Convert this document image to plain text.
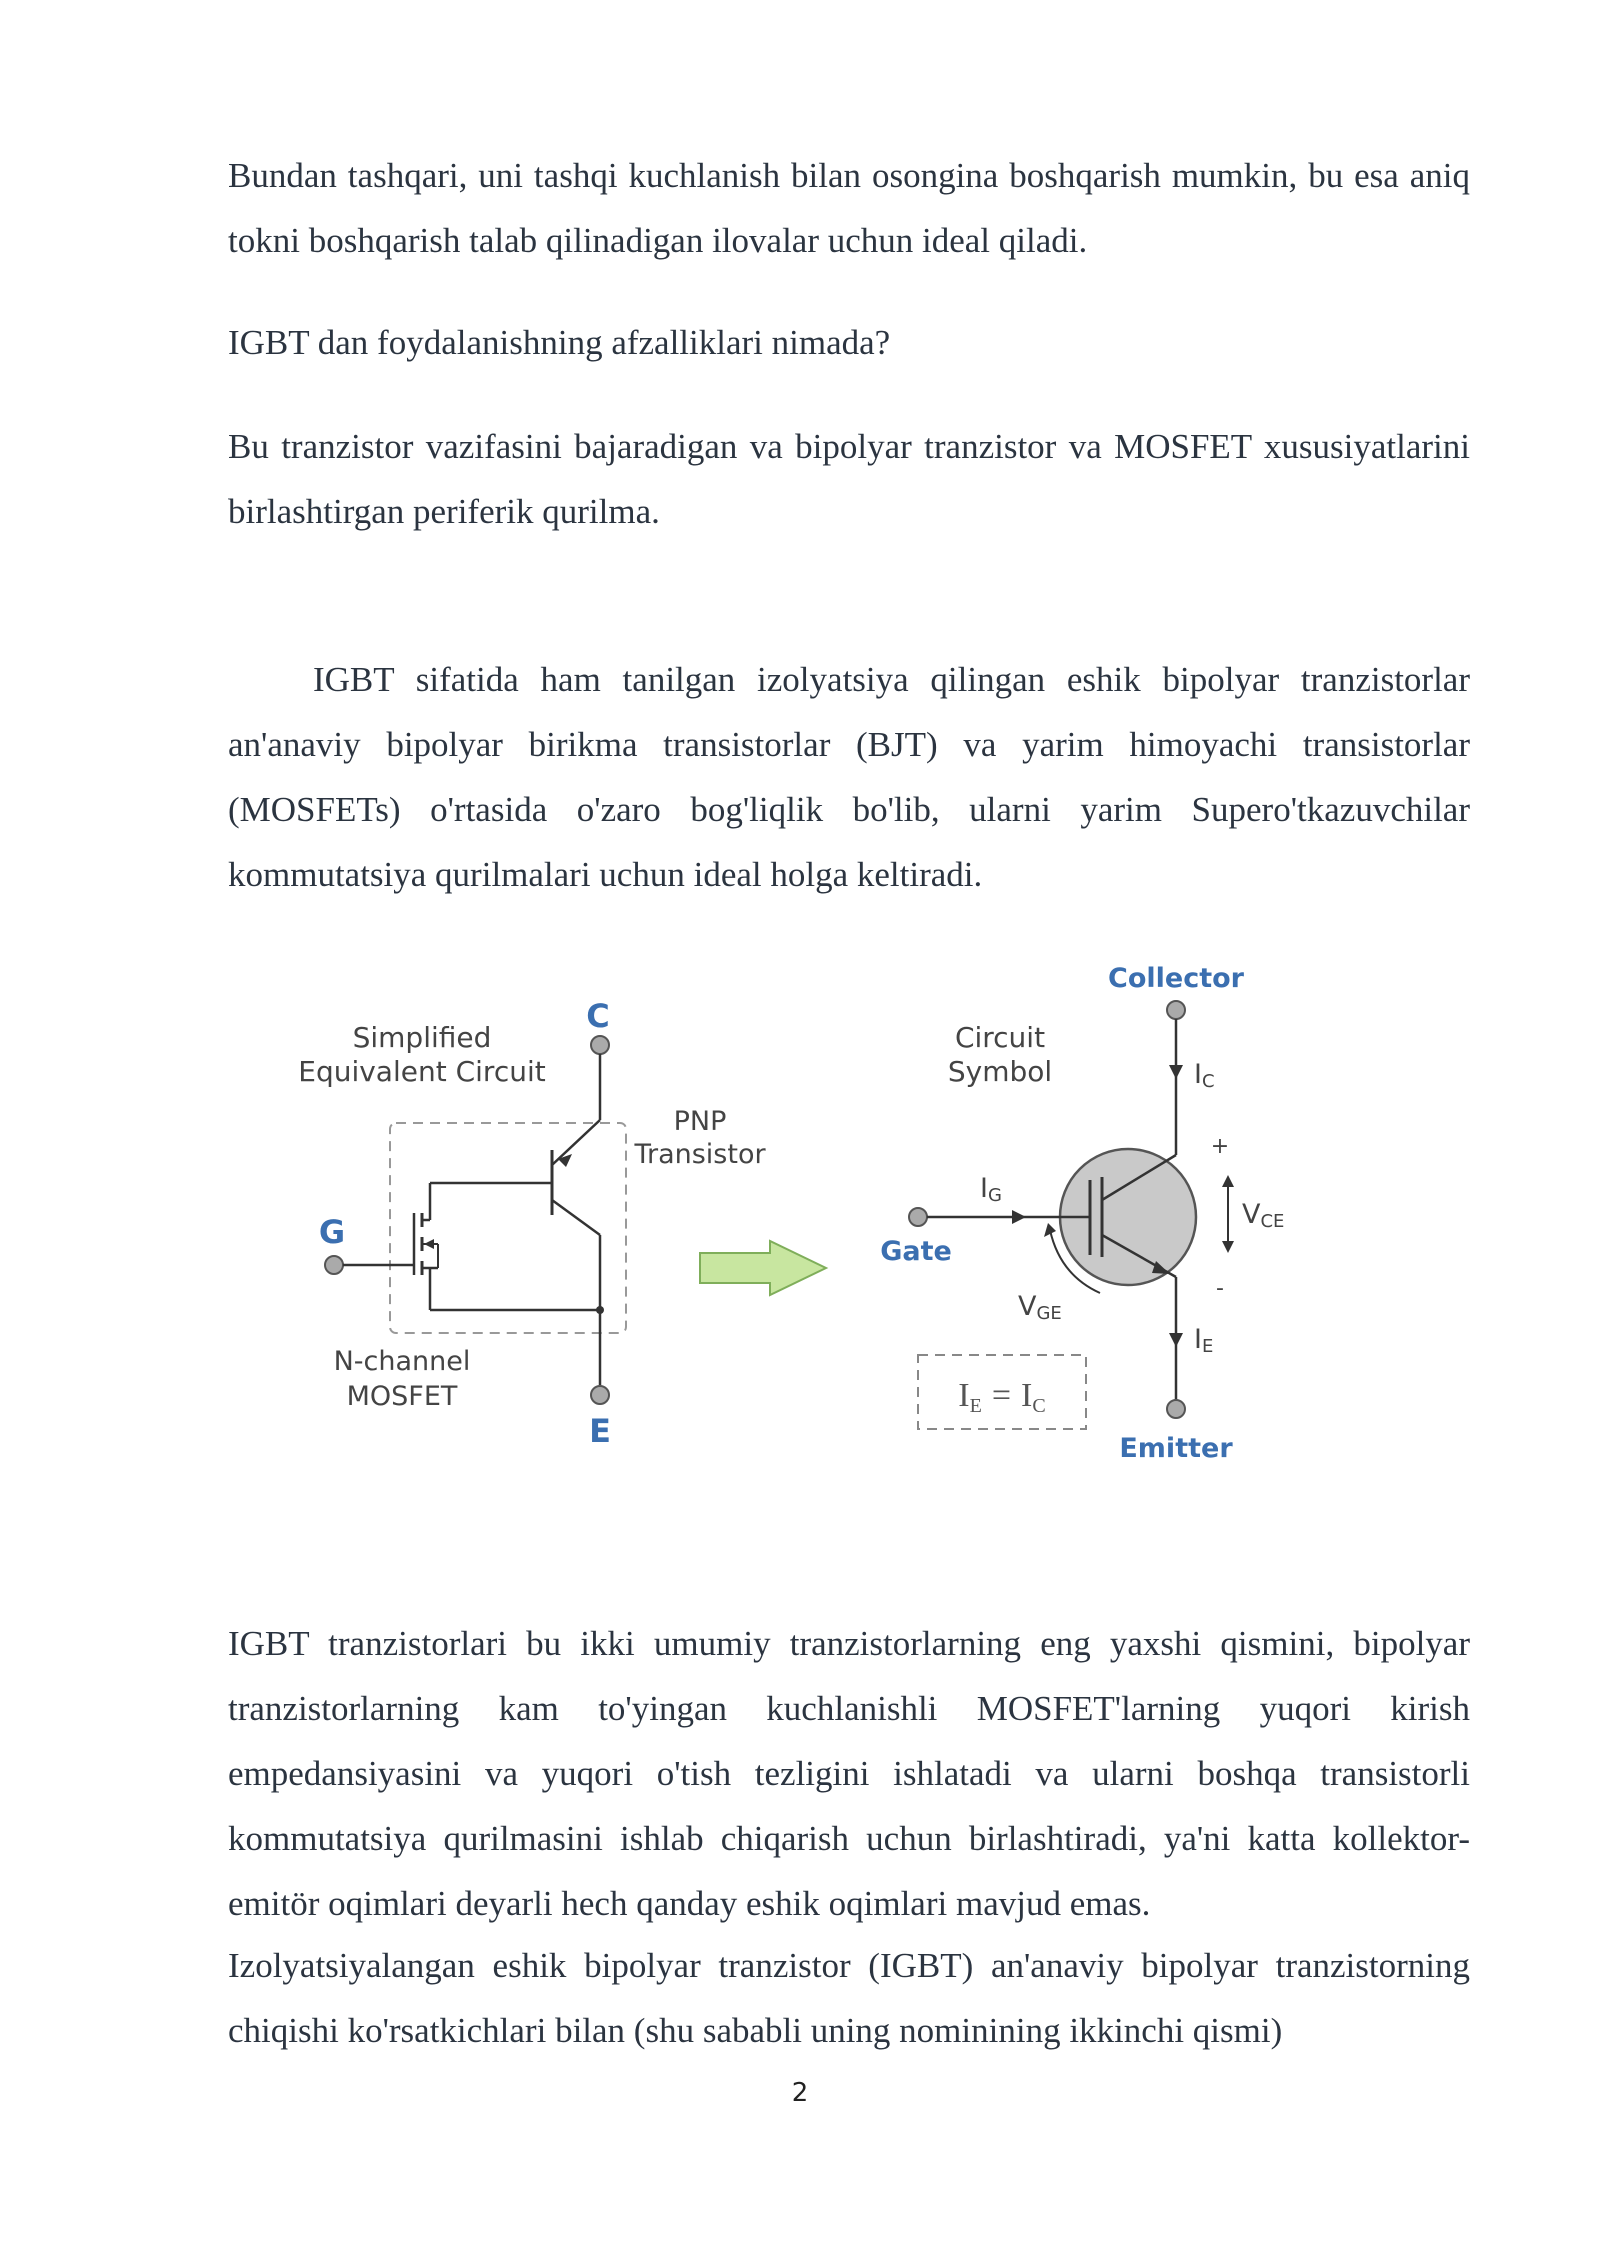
Bundan tashqari, uni tashqi kuchlanish bilan osongina boshqarish mumkin, bu esa aniq tokni boshqarish talab qilinadigan ilovalar uchun ideal qiladi.

IGBT dan foydalanishning afzalliklari nimada?

Bu tranzistor vazifasini bajaradigan va bipolyar tranzistor va MOSFET xususiyatlarini birlashtirgan periferik qurilma.

IGBT sifatida ham tanilgan izolyatsiya qilingan eshik bipolyar tranzistorlar an'anaviy bipolyar birikma transistorlar (BJT) va yarim himoyachi transistorlar (MOSFETs) o'rtasida o'zaro bog'liqlik bo'lib, ularni yarim Supero'tkazuvchilar kommutatsiya qurilmalari uchun ideal holga keltiradi.

Simplified
Equivalent Circuit
C
PNP
Transistor
G
E
N-channel
MOSFET
Collector
IC
Circuit
Symbol
IG
Gate
VGE
+
VCE
-
IE
Emitter
IE = IC

IGBT tranzistorlari bu ikki umumiy tranzistorlarning eng yaxshi qismini, bipolyar tranzistorlarning kam to'yingan kuchlanishli MOSFET'larning yuqori kirish empedansiyasini va yuqori o'tish tezligini ishlatadi va ularni boshqa transistorli kommutatsiya qurilmasini ishlab chiqarish uchun birlashtiradi, ya'ni katta kollektor-emitör oqimlari deyarli hech qanday eshik oqimlari mavjud emas.

Izolyatsiyalangan eshik bipolyar tranzistor (IGBT) an'anaviy bipolyar tranzistorning chiqishi ko'rsatkichlari bilan (shu sababli uning nominining ikkinchi qismi)

2
